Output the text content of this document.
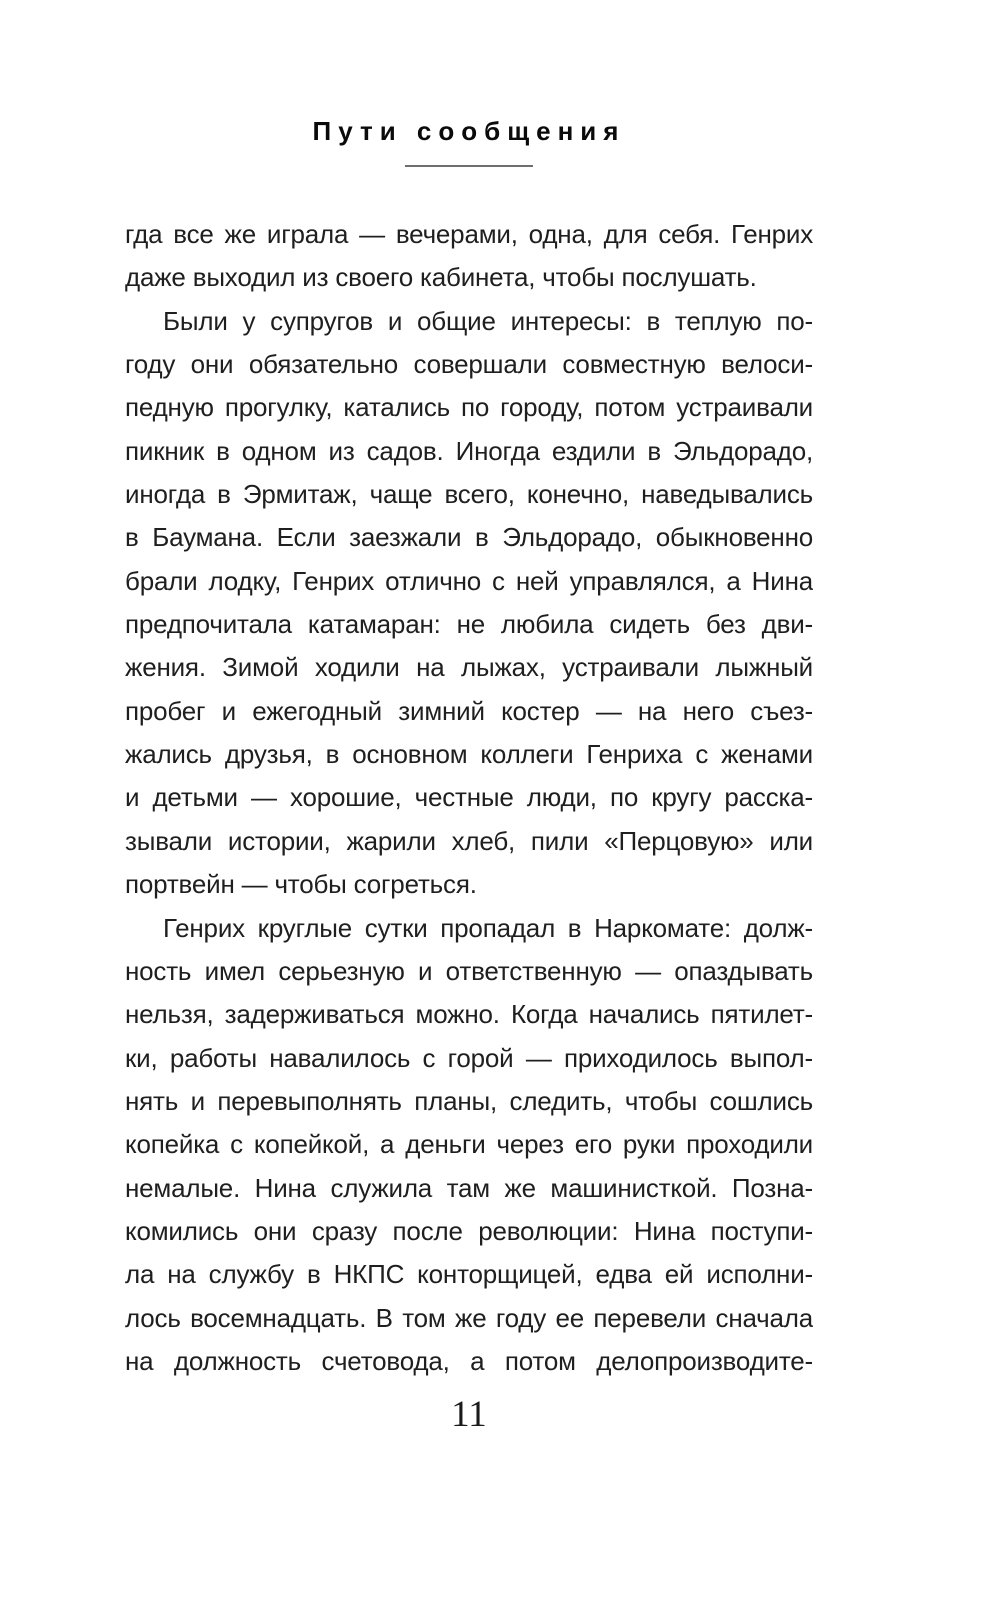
Пути сообщения
гда все же играла — вечерами, одна, для себя. Генрих
даже выходил из своего кабинета, чтобы послушать.
Были у супругов и общие интересы: в теплую по-
году они обязательно совершали совместную велоси-
педную прогулку, катались по городу, потом устраивали
пикник в одном из садов. Иногда ездили в Эльдорадо,
иногда в Эрмитаж, чаще всего, конечно, наведывались
в Баумана. Если заезжали в Эльдорадо, обыкновенно
брали лодку, Генрих отлично с ней управлялся, а Нина
предпочитала катамаран: не любила сидеть без дви-
жения. Зимой ходили на лыжах, устраивали лыжный
пробег и ежегодный зимний костер — на него съез-
жались друзья, в основном коллеги Генриха с женами
и детьми — хорошие, честные люди, по кругу расска-
зывали истории, жарили хлеб, пили «Перцовую» или
портвейн — чтобы согреться.
Генрих круглые сутки пропадал в Наркомате: долж-
ность имел серьезную и ответственную — опаздывать
нельзя, задерживаться можно. Когда начались пятилет-
ки, работы навалилось с горой — приходилось выпол-
нять и перевыполнять планы, следить, чтобы сошлись
копейка с копейкой, а деньги через его руки проходили
немалые. Нина служила там же машинисткой. Позна-
комились они сразу после революции: Нина поступи-
ла на службу в НКПС конторщицей, едва ей исполни-
лось восемнадцать. В том же году ее перевели сначала
на должность счетовода, а потом делопроизводите-
11
